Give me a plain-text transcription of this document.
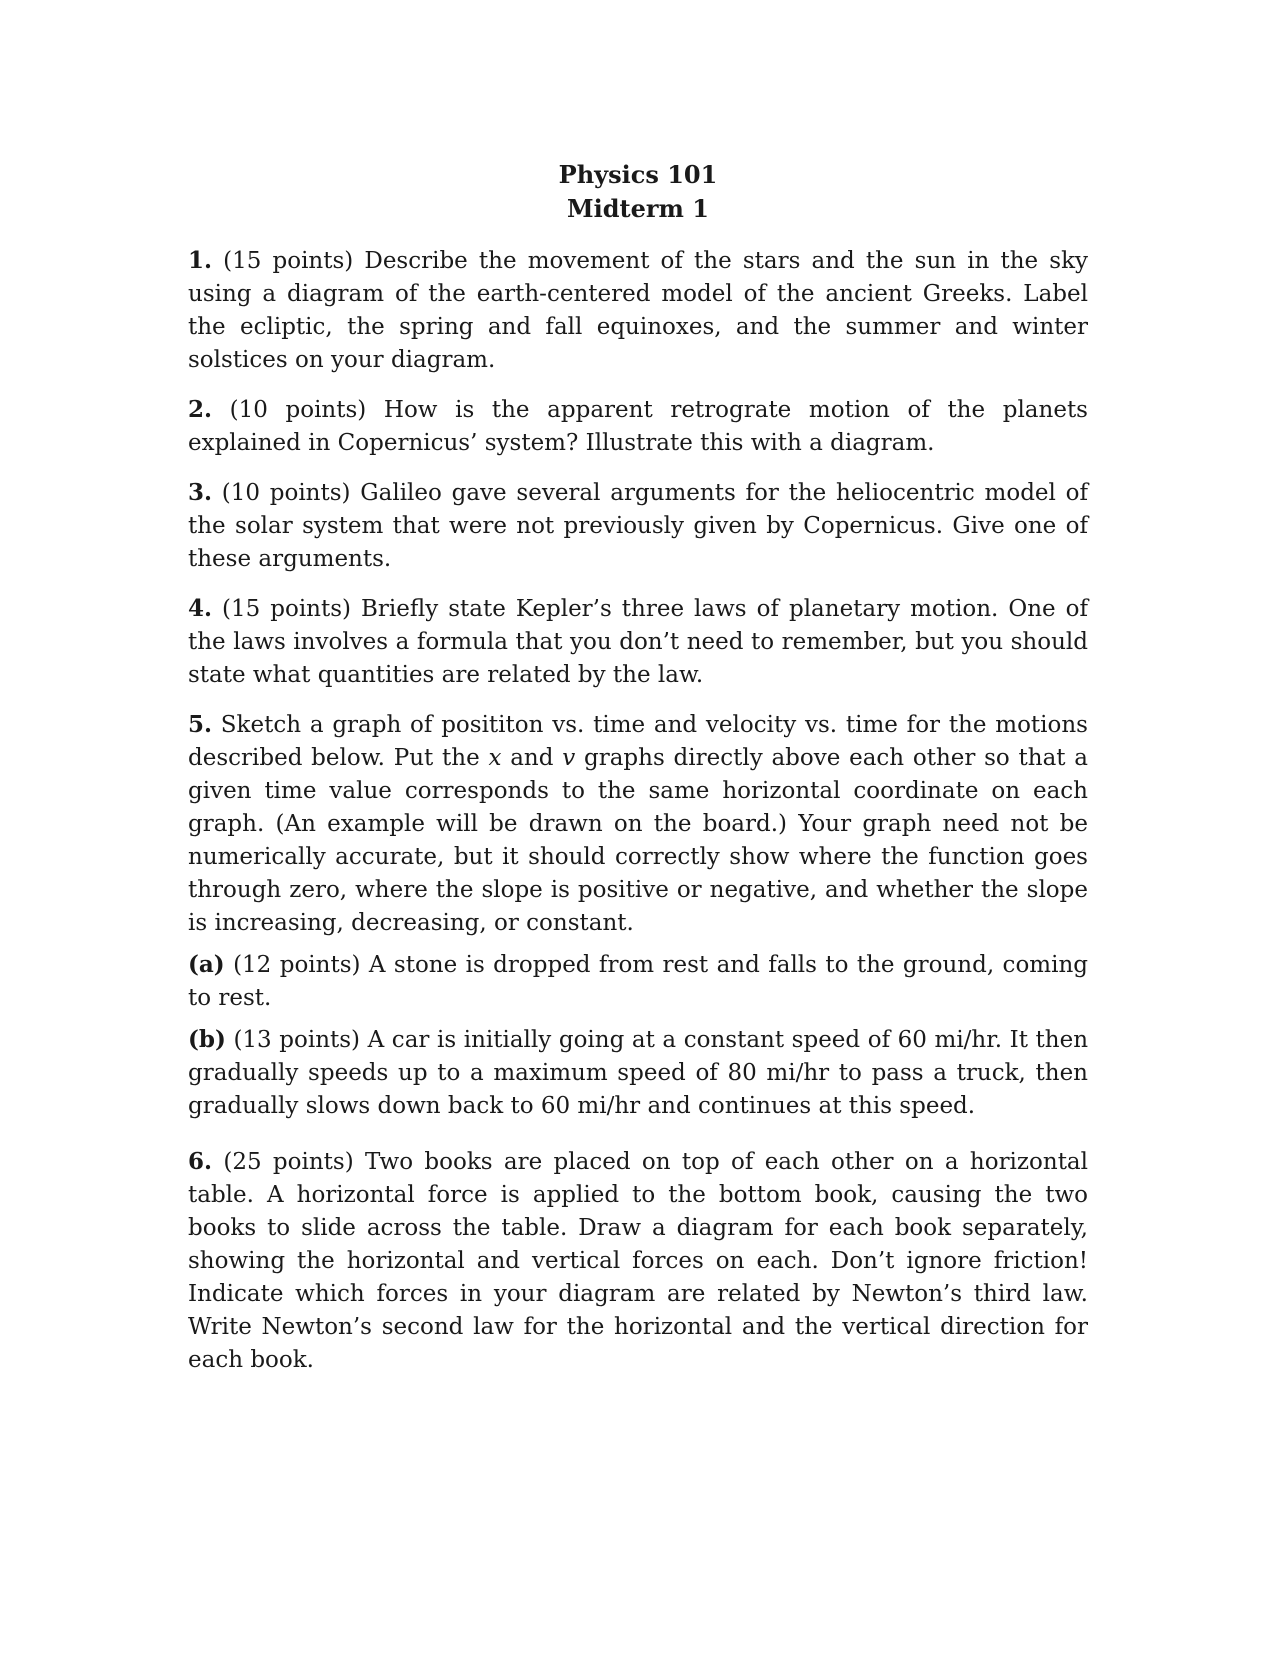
Physics 101
Midterm 1

1. (15 points) Describe the movement of the stars and the sun in the sky using a diagram of the earth-centered model of the ancient Greeks. Label the ecliptic, the spring and fall equinoxes, and the summer and winter solstices on your diagram.

2. (10 points) How is the apparent retrograte motion of the planets explained in Copernicus’ system? Illustrate this with a diagram.

3. (10 points) Galileo gave several arguments for the heliocentric model of the solar system that were not previously given by Copernicus. Give one of these arguments.

4. (15 points) Briefly state Kepler’s three laws of planetary motion. One of the laws involves a formula that you don’t need to remember, but you should state what quantities are related by the law.

5. Sketch a graph of posititon vs. time and velocity vs. time for the motions described below. Put the x and v graphs directly above each other so that a given time value corresponds to the same horizontal coordinate on each graph. (An example will be drawn on the board.) Your graph need not be numerically accurate, but it should correctly show where the function goes through zero, where the slope is positive or negative, and whether the slope is increasing, decreasing, or constant.

(a) (12 points) A stone is dropped from rest and falls to the ground, coming to rest.

(b) (13 points) A car is initially going at a constant speed of 60 mi/hr. It then gradually speeds up to a maximum speed of 80 mi/hr to pass a truck, then gradually slows down back to 60 mi/hr and continues at this speed.

6. (25 points) Two books are placed on top of each other on a horizontal table. A horizontal force is applied to the bottom book, causing the two books to slide across the table. Draw a diagram for each book separately, showing the horizontal and vertical forces on each. Don’t ignore friction! Indicate which forces in your diagram are related by Newton’s third law. Write Newton’s second law for the horizontal and the vertical direction for each book.
